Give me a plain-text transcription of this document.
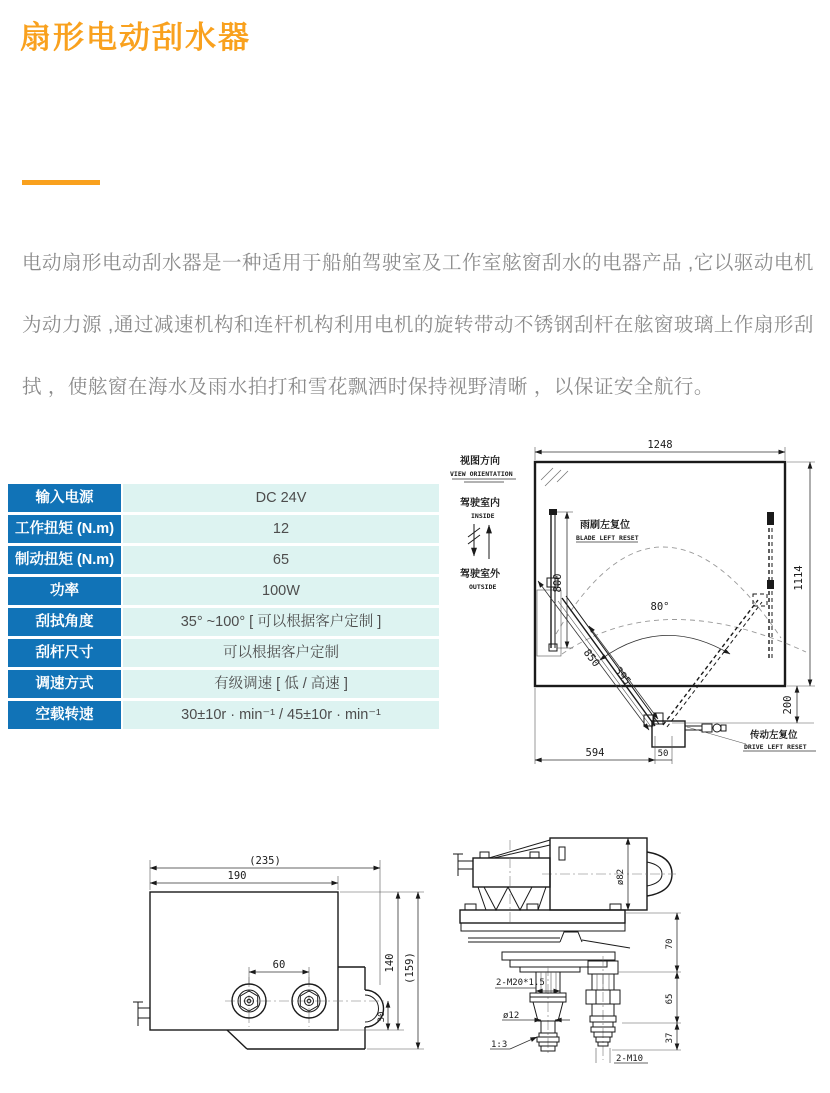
扇形电动刮水器
电动扇形电动刮水器是一种适用于船舶驾驶室及工作室舷窗刮水的电器产品 ,它以驱动电机
为动力源 ,通过减速机构和连杆机构利用电机的旋转带动不锈钢刮杆在舷窗玻璃上作扇形刮
拭 ，使舷窗在海水及雨水拍打和雪花飘洒时保持视野清晰 ，以保证安全航行。
输入电源	DC 24V
工作扭矩 (N.m)	12
制动扭矩 (N.m)	65
功率	100W
刮拭角度	35° ~100° [ 可以根据客户定制 ]
刮杆尺寸	可以根据客户定制
调速方式	有级调速 [ 低 / 高速 ]
空载转速	30±10r · min⁻¹ / 45±10r · min⁻¹
视图方向
VIEW ORIENTATION
驾驶室内
INSIDE
驾驶室外
OUTSIDE
雨刷左复位
BLADE LEFT RESET
80°
传动左复位
DRIVE LEFT RESET
1248
1114
800
850
395
594	50
200
(235)
190
60	140 (159)
30
ø82
70
65
37
2-M20*1.5
ø12
1:3
2-M10
